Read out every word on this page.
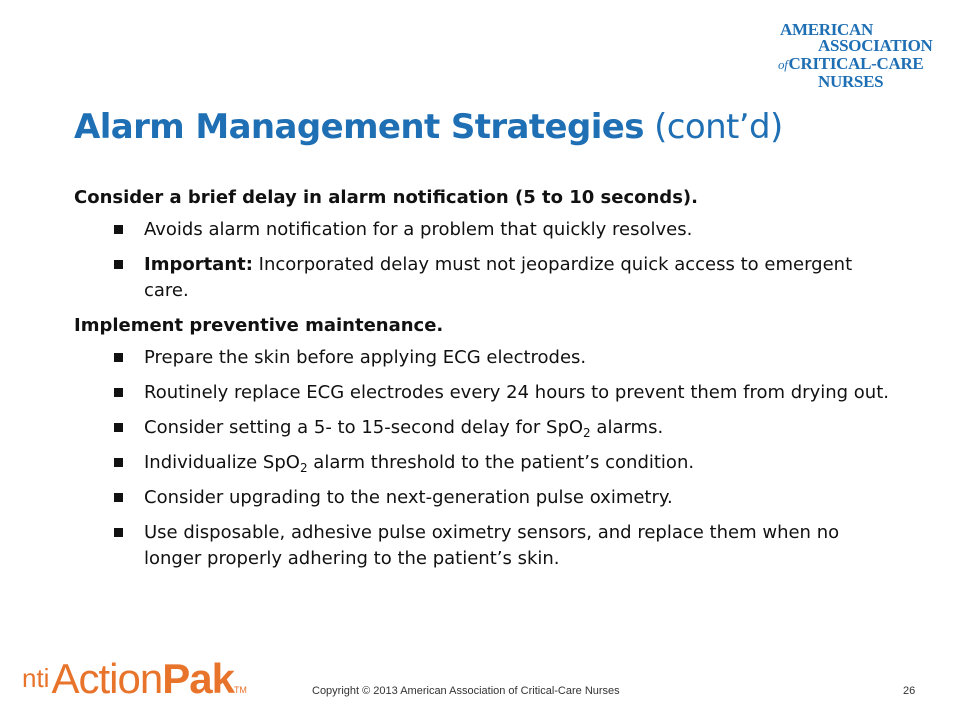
AMERICAN
ASSOCIATION
ofCRITICAL-CARE
NURSES
Alarm Management Strategies (cont’d)
Consider a brief delay in alarm notification (5 to 10 seconds).
Avoids alarm notification for a problem that quickly resolves.
Important: Incorporated delay must not jeopardize quick access to emergent care.
Implement preventive maintenance.
Prepare the skin before applying ECG electrodes.
Routinely replace ECG electrodes every 24 hours to prevent them from drying out.
Consider setting a 5- to 15-second delay for SpO$_2$ alarms.
Individualize SpO$_2$ alarm threshold to the patient’s condition.
Consider upgrading to the next-generation pulse oximetry.
Use disposable, adhesive pulse oximetry sensors, and replace them when no longer properly adhering to the patient’s skin.
ntiActionPakTM	Copyright © 2013 American Association of Critical-Care Nurses	26
